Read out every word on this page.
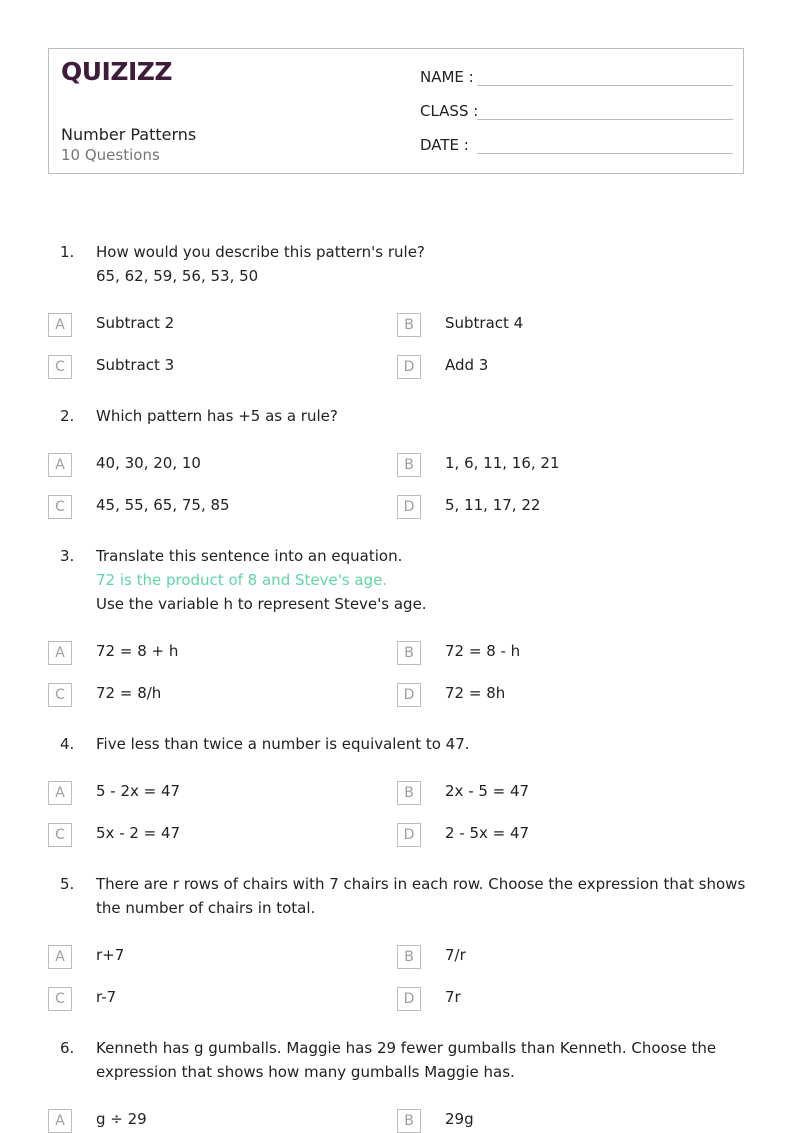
QUIZIZZ
Number Patterns
10 Questions
NAME :
CLASS :
DATE :
1. How would you describe this pattern's rule?
65, 62, 59, 56, 53, 50
A	Subtract 2	B	Subtract 4
C	Subtract 3	D	Add 3
2. Which pattern has +5 as a rule?
A	40, 30, 20, 10	B	1, 6, 11, 16, 21
C	45, 55, 65, 75, 85	D	5, 11, 17, 22
3. Translate this sentence into an equation.
72 is the product of 8 and Steve's age.
Use the variable h to represent Steve's age.
A	72 = 8 + h	B	72 = 8 - h
C	72 = 8/h	D	72 = 8h
4. Five less than twice a number is equivalent to 47.
A	5 - 2x = 47	B	2x - 5 = 47
C	5x - 2 = 47	D	2 - 5x = 47
5. There are r rows of chairs with 7 chairs in each row. Choose the expression that shows
the number of chairs in total.
A	r+7	B	7/r
C	r-7	D	7r
6. Kenneth has g gumballs. Maggie has 29 fewer gumballs than Kenneth. Choose the
expression that shows how many gumballs Maggie has.
A	g ÷ 29	B	29g
